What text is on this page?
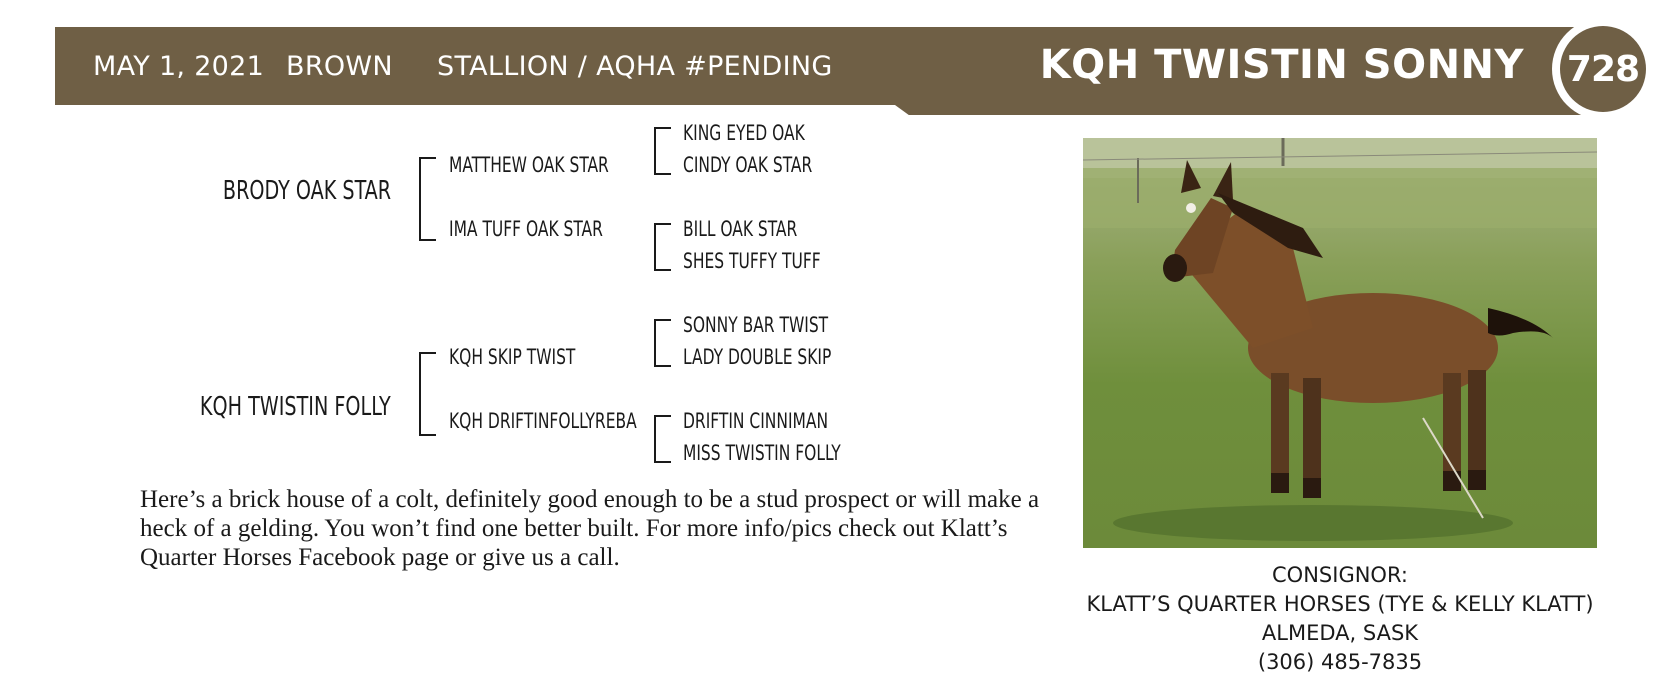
MAY 1, 2021 BROWN STALLION / AQHA #PENDING	KQH TWISTIN SONNY 728
BRODY OAK STAR
MATTHEW OAK STAR
IMA TUFF OAK STAR
KING EYED OAK
CINDY OAK STAR
BILL OAK STAR
SHES TUFFY TUFF
KQH TWISTIN FOLLY
KQH SKIP TWIST
KQH DRIFTINFOLLYREBA
SONNY BAR TWIST
LADY DOUBLE SKIP
DRIFTIN CINNIMAN
MISS TWISTIN FOLLY
Here’s a brick house of a colt, definitely good enough to be a stud prospect or will make a heck of a gelding. You won’t find one better built. For more info/pics check out Klatt’s Quarter Horses Facebook page or give us a call.
CONSIGNOR:
KLATT’S QUARTER HORSES (TYE & KELLY KLATT)
ALMEDA, SASK
(306) 485-7835
